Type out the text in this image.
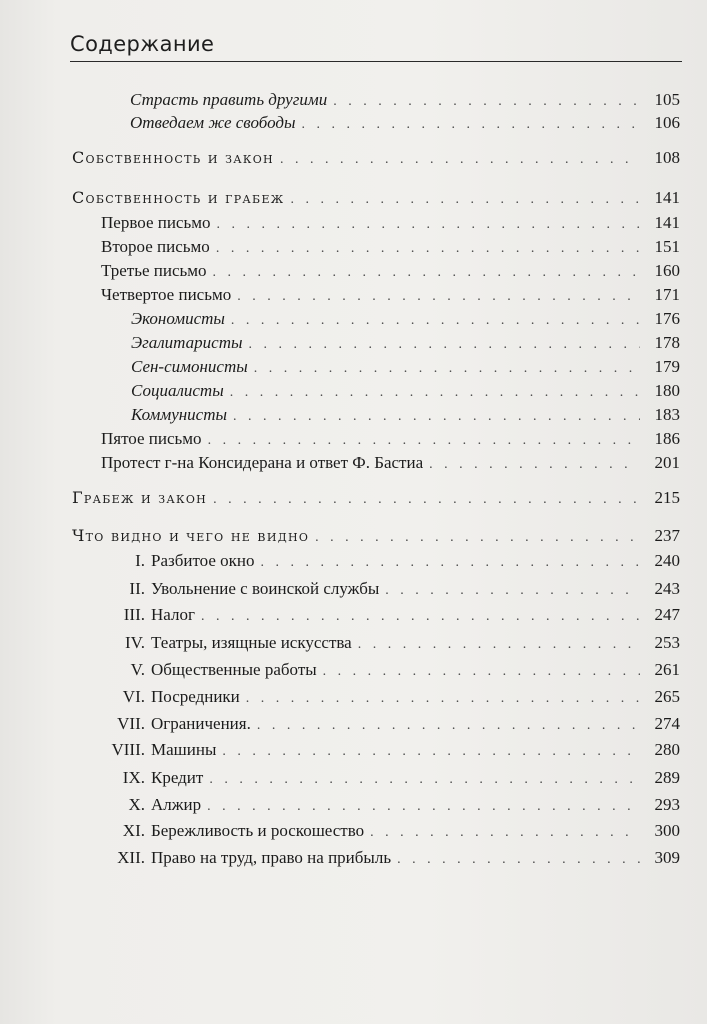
Содержание
Страсть править другими . . .	105
Отведаем же свободы . . .	106
Собственность и закон . . .	108
Собственность и грабеж . . .	141
Первое письмо . . .	141
Второе письмо . . .	151
Третье письмо . . .	160
Четвертое письмо . . .	171
Экономисты . . .	176
Эгалитаристы . . .	178
Сен-симонисты . . .	179
Социалисты . . .	180
Коммунисты . . .	183
Пятое письмо . . .	186
Протест г-на Консидерана и ответ Ф. Бастиа . . .	201
Грабеж и закон . . .	215
Что видно и чего не видно . . .	237
I. Разбитое окно . . .	240
II. Увольнение с воинской службы . . .	243
III. Налог . . .	247
IV. Театры, изящные искусства . . .	253
V. Общественные работы . . .	261
VI. Посредники . . .	265
VII. Ограничения. . . .	274
VIII. Машины . . .	280
IX. Кредит . . .	289
X. Алжир . . .	293
XI. Бережливость и роскошество . . .	300
XII. Право на труд, право на прибыль . . .	309
